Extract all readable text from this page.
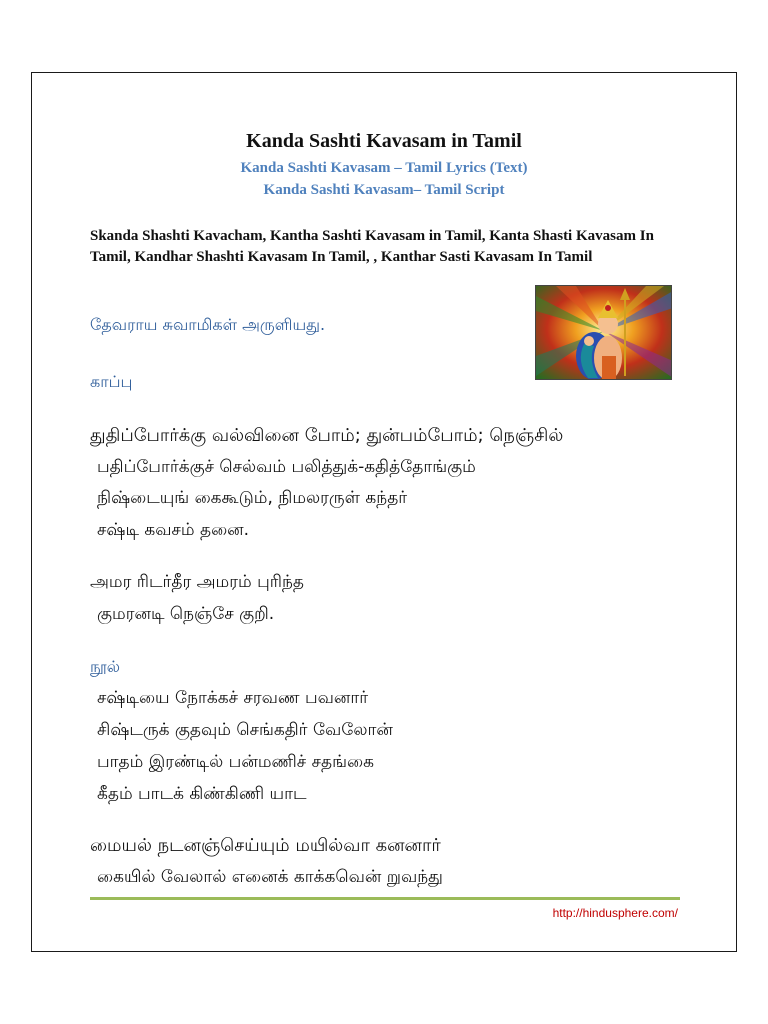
Kanda Sashti Kavasam in Tamil
Kanda Sashti Kavasam – Tamil Lyrics (Text)
Kanda Sashti Kavasam– Tamil Script
Skanda Shashti Kavacham, Kantha Sashti Kavasam in Tamil, Kanta Shasti Kavasam In Tamil, Kandhar Shashti Kavasam In Tamil, , Kanthar Sasti Kavasam In Tamil
தேவராய சுவாமிகள் அருளியது.
காப்பு
துதிப்போர்க்கு வல்வினை போம்; துன்பம்போம்; நெஞ்சில்
பதிப்போர்க்குச் செல்வம் பலித்துக்-கதித்தோங்கும்
நிஷ்டையுங் கைகூடும், நிமலரருள் கந்தர்
சஷ்டி கவசம் தனை.
அமர ரிடர்தீர அமரம் புரிந்த
குமரனடி நெஞ்சே குறி.
நூல்
சஷ்டியை நோக்கச் சரவண பவனார்
சிஷ்டருக் குதவும் செங்கதிர் வேலோன்
பாதம் இரண்டில் பன்மணிச் சதங்கை
கீதம் பாடக் கிண்கிணி யாட
மையல் நடனஞ்செய்யும் மயில்வா கனனார்
கையில் வேலால் எனைக் காக்கவென் றுவந்து
http://hindusphere.com/
